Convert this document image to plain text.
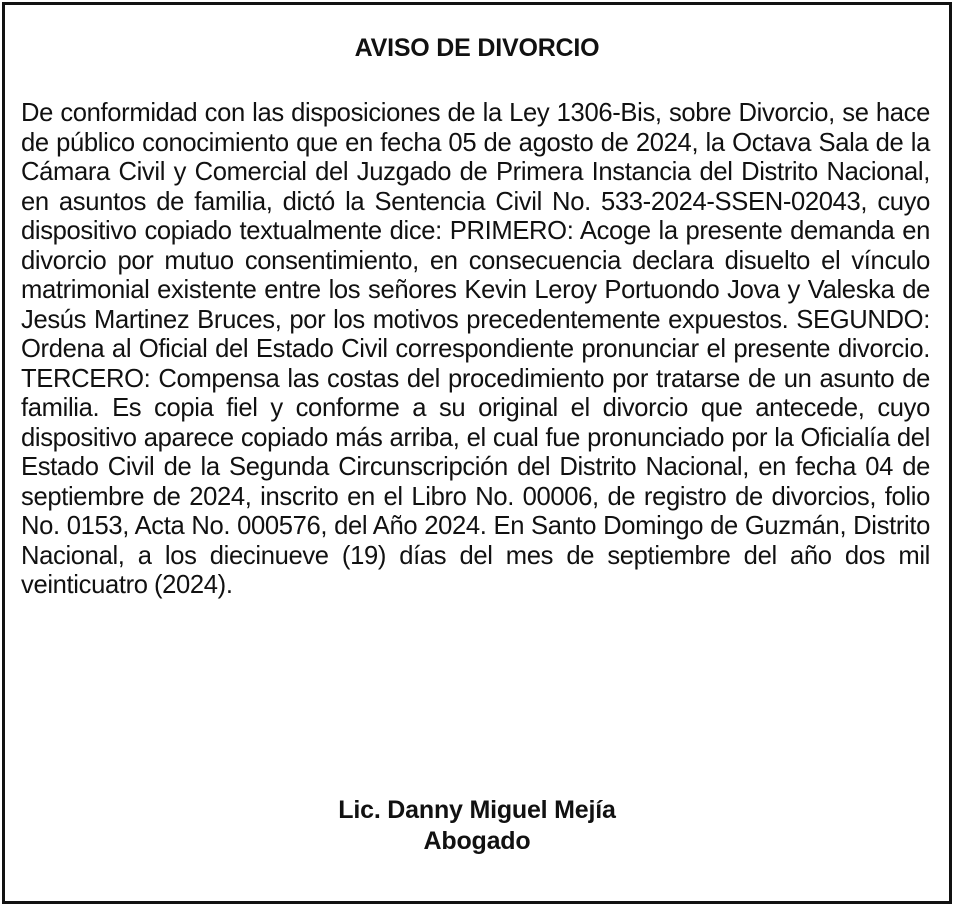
AVISO DE DIVORCIO

De conformidad con las disposiciones de la Ley 1306-Bis, sobre Divorcio, se hace de público conocimiento que en fecha 05 de agosto de 2024, la Octava Sala de la Cámara Civil y Comercial del Juzgado de Primera Instancia del Distrito Nacional, en asuntos de familia, dictó la Sentencia Civil No. 533-2024-SSEN-02043, cuyo dispositivo copiado textualmente dice: PRIMERO: Acoge la presente demanda en divorcio por mutuo consentimiento, en consecuencia declara disuelto el vínculo matrimonial existente entre los señores Kevin Leroy Portuondo Jova y Valeska de Jesús Martinez Bruces, por los motivos precedentemente expuestos. SEGUNDO: Ordena al Oficial del Estado Civil correspondiente pronunciar el presente divorcio. TERCERO: Compensa las costas del procedimiento por tratarse de un asunto de familia. Es copia fiel y conforme a su original el divorcio que antecede, cuyo dispositivo aparece copiado más arriba, el cual fue pronunciado por la Oficialía del Estado Civil de la Segunda Circunscripción del Distrito Nacional, en fecha 04 de septiembre de 2024, inscrito en el Libro No. 00006, de registro de divorcios, folio No. 0153, Acta No. 000576, del Año 2024. En Santo Domingo de Guzmán, Distrito Nacional, a los diecinueve (19) días del mes de septiembre del año dos mil veinticuatro (2024).

Lic. Danny Miguel Mejía
Abogado
